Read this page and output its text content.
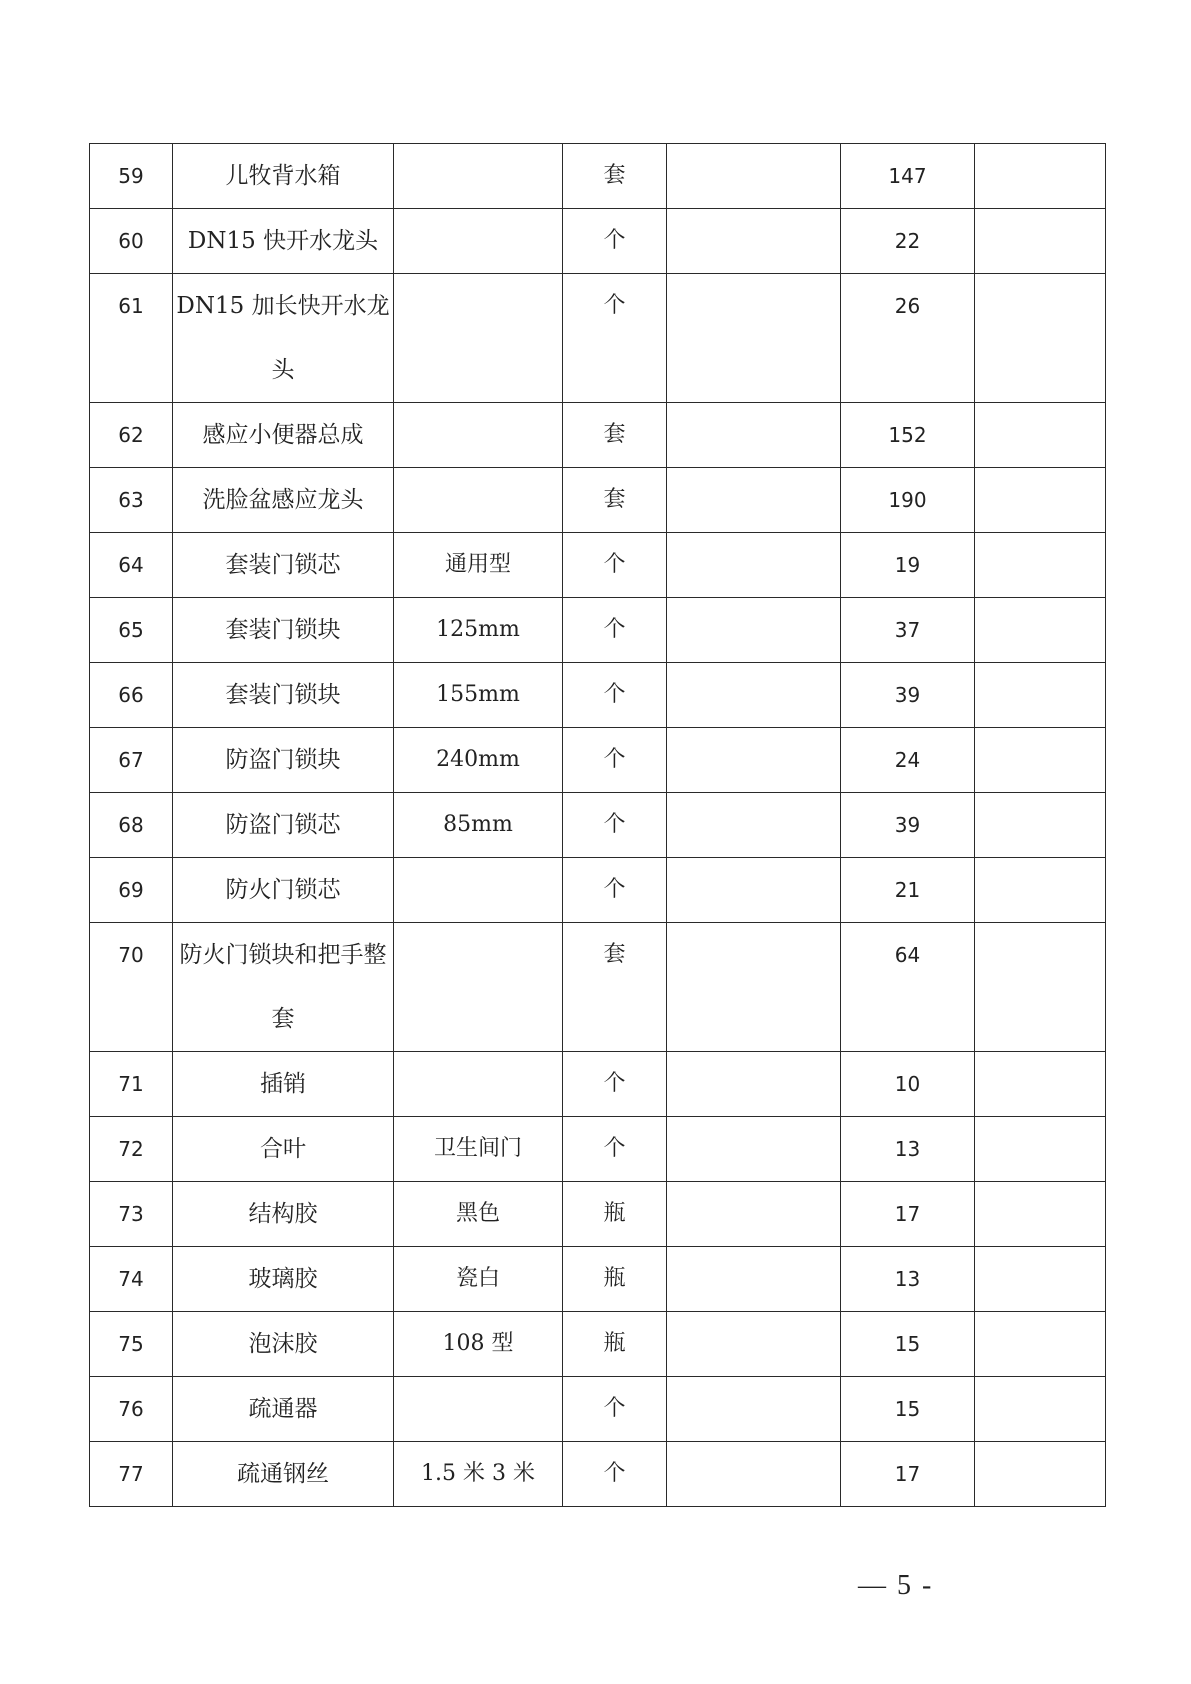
59	儿牧背水箱		套		147	
60	DN15 快开水龙头		个		22	
61	DN15 加长快开水龙头		个		26	
62	感应小便器总成		套		152	
63	洗脸盆感应龙头		套		190	
64	套装门锁芯	通用型	个		19	
65	套装门锁块	125mm	个		37	
66	套装门锁块	155mm	个		39	
67	防盗门锁块	240mm	个		24	
68	防盗门锁芯	85mm	个		39	
69	防火门锁芯		个		21	
70	防火门锁块和把手整套		套		64	
71	插销		个		10	
72	合叶	卫生间门	个		13	
73	结构胶	黑色	瓶		17	
74	玻璃胶	瓷白	瓶		13	
75	泡沫胶	108 型	瓶		15	
76	疏通器		个		15	
77	疏通钢丝	1.5 米 3 米	个		17	
— 5 -
